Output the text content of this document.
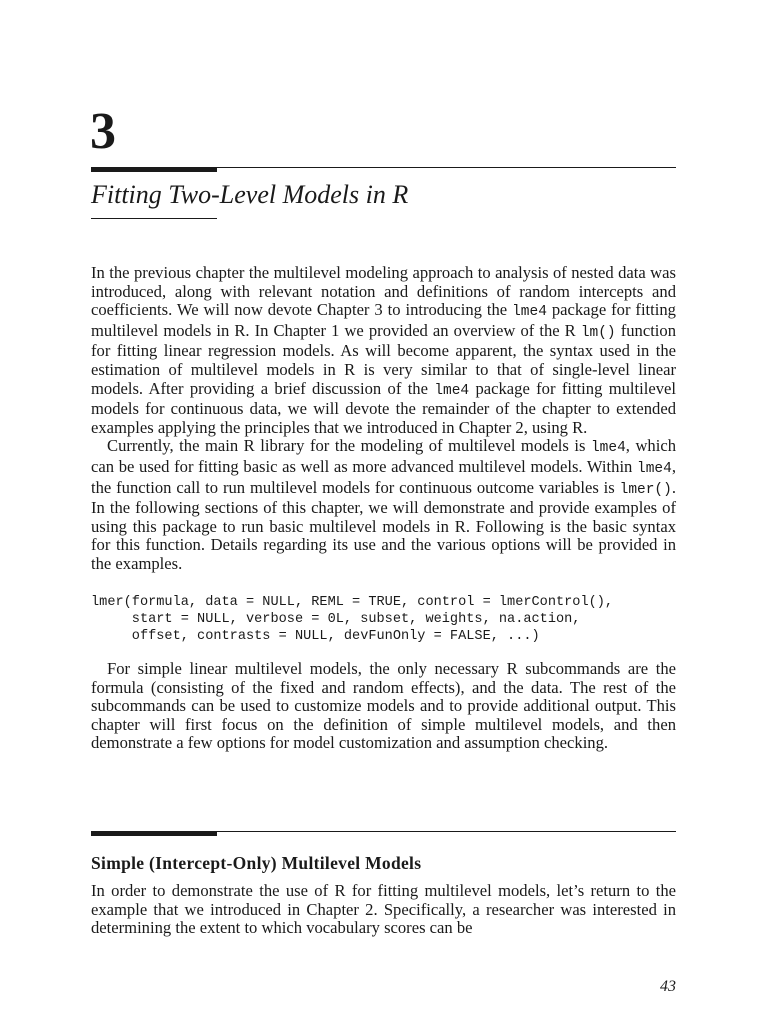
3
Fitting Two-Level Models in R

In the previous chapter the multilevel modeling approach to analysis of nested data was introduced, along with relevant notation and definitions of random intercepts and coefficients. We will now devote Chapter 3 to introducing the lme4 package for fitting multilevel models in R. In Chapter 1 we provided an overview of the R lm() function for fitting linear regression models. As will become apparent, the syntax used in the estimation of multilevel models in R is very similar to that of single-level linear models. After providing a brief discussion of the lme4 package for fitting multilevel models for continuous data, we will devote the remainder of the chapter to extended examples applying the principles that we introduced in Chapter 2, using R.

Currently, the main R library for the modeling of multilevel models is lme4, which can be used for fitting basic as well as more advanced multilevel models. Within lme4, the function call to run multilevel models for continuous outcome variables is lmer(). In the following sections of this chapter, we will demonstrate and provide examples of using this package to run basic multilevel models in R. Following is the basic syntax for this function. Details regarding its use and the various options will be provided in the examples.

lmer(formula, data = NULL, REML = TRUE, control = lmerControl(),
start = NULL, verbose = 0L, subset, weights, na.action,
offset, contrasts = NULL, devFunOnly = FALSE, ...)

For simple linear multilevel models, the only necessary R subcommands are the formula (consisting of the fixed and random effects), and the data. The rest of the subcommands can be used to customize models and to provide additional output. This chapter will first focus on the definition of simple multilevel models, and then demonstrate a few options for model customization and assumption checking.

Simple (Intercept-Only) Multilevel Models

In order to demonstrate the use of R for fitting multilevel models, let’s return to the example that we introduced in Chapter 2. Specifically, a researcher was interested in determining the extent to which vocabulary scores can be

43
